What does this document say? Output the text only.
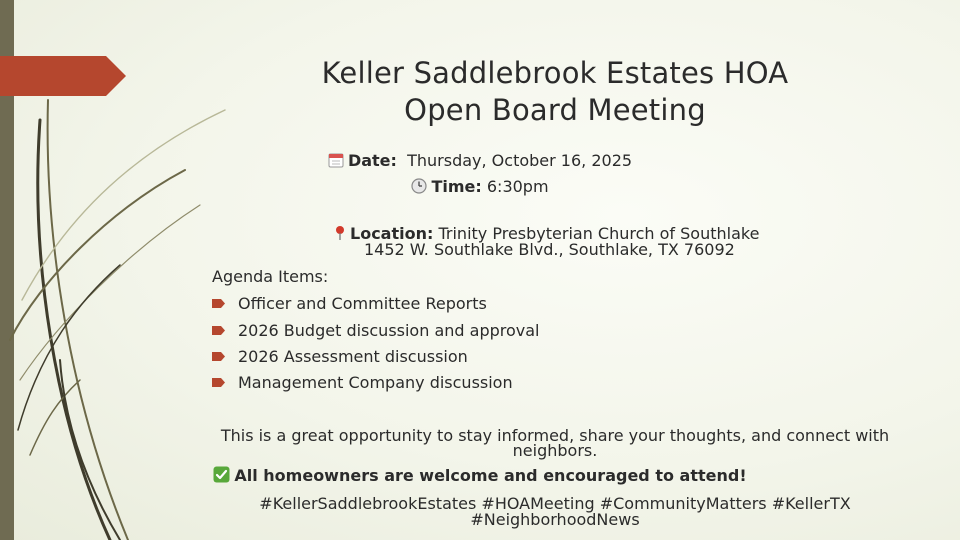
Keller Saddlebrook Estates HOA
Open Board Meeting
Date: Thursday, October 16, 2025
Time: 6:30pm
Location: Trinity Presbyterian Church of Southlake
1452 W. Southlake Blvd., Southlake, TX 76092
Agenda Items:
Officer and Committee Reports
2026 Budget discussion and approval
2026 Assessment discussion
Management Company discussion
This is a great opportunity to stay informed, share your thoughts, and connect with
neighbors.
All homeowners are welcome and encouraged to attend!
#KellerSaddlebrookEstates #HOAMeeting #CommunityMatters #KellerTX
#NeighborhoodNews
